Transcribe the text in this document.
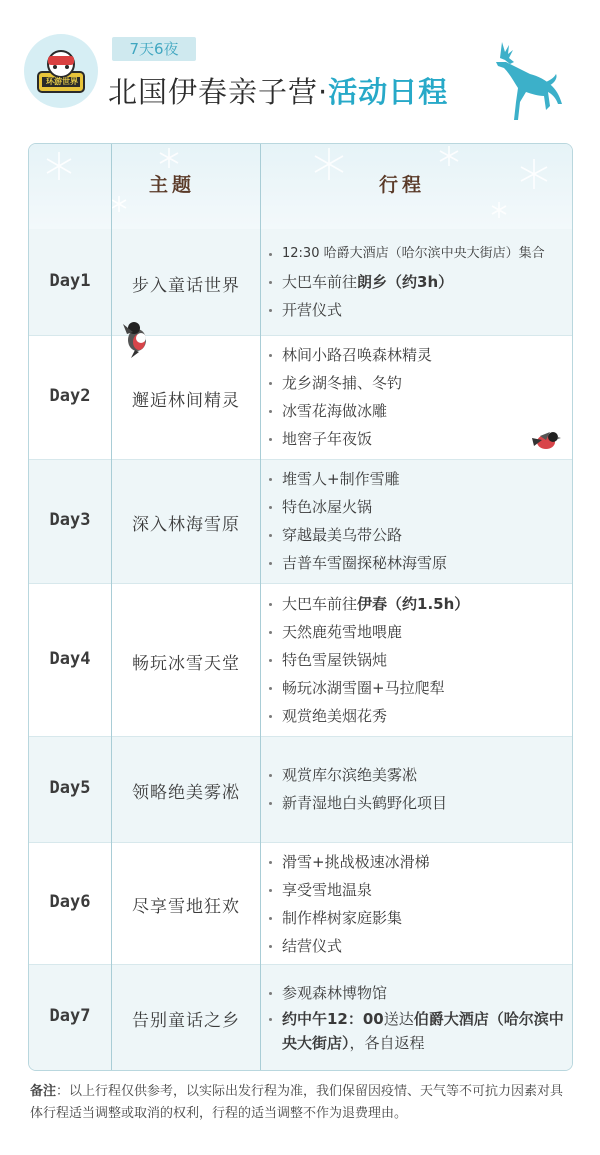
环游世界
7天6夜
北国伊春亲子营·活动日程
主题	行程
Day1	步入童话世界
12:30 哈爵大酒店（哈尔滨中央大街店）集合
大巴车前往朗乡（约3h）
开营仪式
Day2	邂逅林间精灵
林间小路召唤森林精灵
龙乡湖冬捕、冬钓
冰雪花海做冰雕
地窖子年夜饭
Day3	深入林海雪原
堆雪人+制作雪雕
特色冰屋火锅
穿越最美乌带公路
吉普车雪圈探秘林海雪原
Day4	畅玩冰雪天堂
大巴车前往伊春（约1.5h）
天然鹿苑雪地喂鹿
特色雪屋铁锅炖
畅玩冰湖雪圈+马拉爬犁
观赏绝美烟花秀
Day5	领略绝美雾凇
观赏库尔滨绝美雾凇
新青湿地白头鹤野化项目
Day6	尽享雪地狂欢
滑雪+挑战极速冰滑梯
享受雪地温泉
制作桦树家庭影集
结营仪式
Day7	告别童话之乡
参观森林博物馆
约中午12：00送达伯爵大酒店（哈尔滨中央大街店），各自返程
备注：以上行程仅供参考，以实际出发行程为准，我们保留因疫情、天气等不可抗力因素对具体行程适当调整或取消的权利，行程的适当调整不作为退费理由。
